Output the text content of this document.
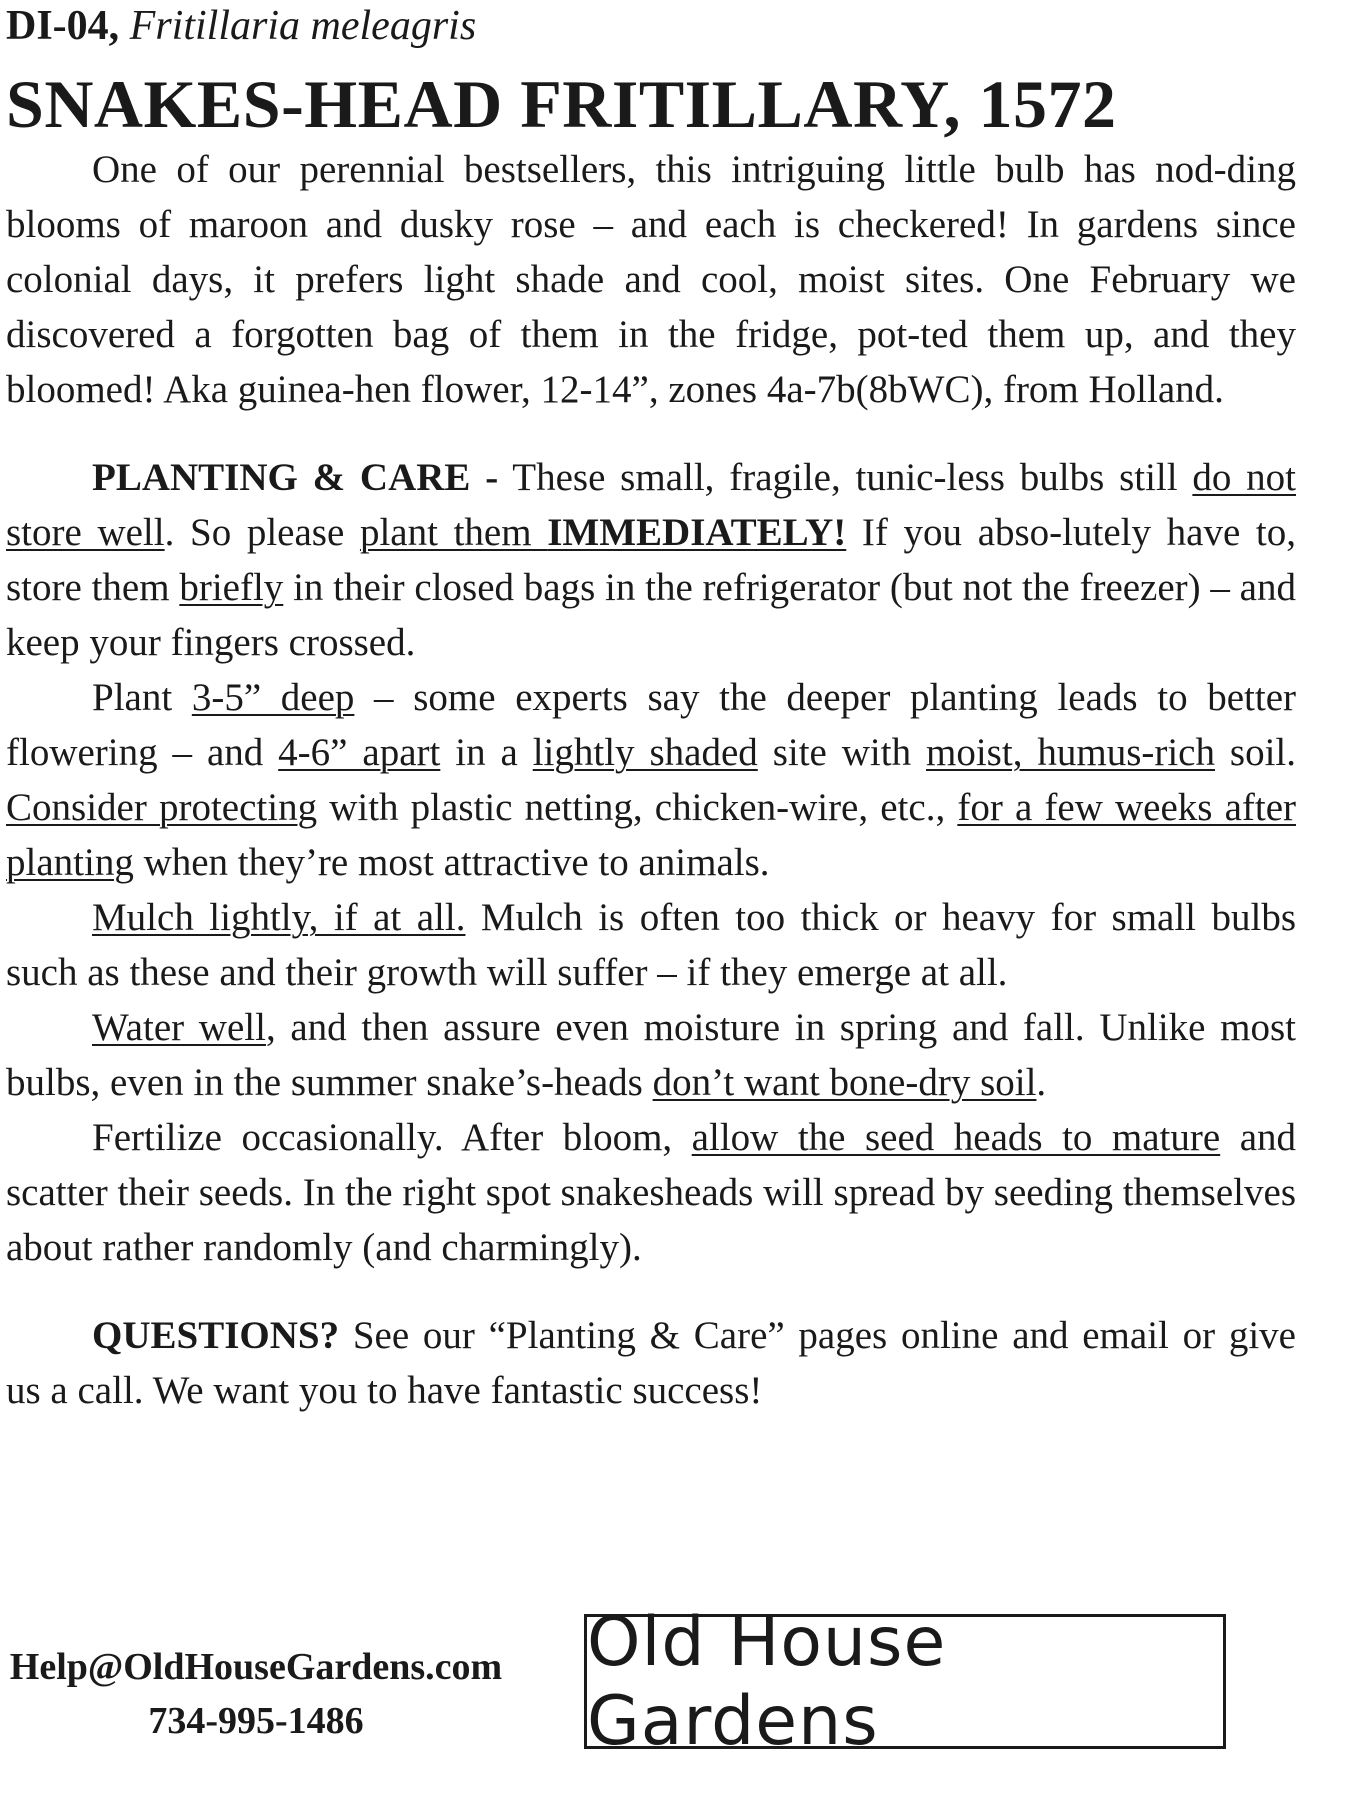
DI-04, Fritillaria meleagris
SNAKES-HEAD FRITILLARY, 1572

One of our perennial bestsellers, this intriguing little bulb has nod-ding blooms of maroon and dusky rose – and each is checkered! In gardens since colonial days, it prefers light shade and cool, moist sites. One February we discovered a forgotten bag of them in the fridge, pot-ted them up, and they bloomed! Aka guinea-hen flower, 12-14”, zones 4a-7b(8bWC), from Holland.

PLANTING & CARE - These small, fragile, tunic-less bulbs still do not store well. So please plant them IMMEDIATELY! If you abso-lutely have to, store them briefly in their closed bags in the refrigerator (but not the freezer) – and keep your fingers crossed.

Plant 3-5” deep – some experts say the deeper planting leads to better flowering – and 4-6” apart in a lightly shaded site with moist, humus-rich soil. Consider protecting with plastic netting, chicken-wire, etc., for a few weeks after planting when they’re most attractive to animals.

Mulch lightly, if at all. Mulch is often too thick or heavy for small bulbs such as these and their growth will suffer – if they emerge at all.

Water well, and then assure even moisture in spring and fall. Unlike most bulbs, even in the summer snake’s-heads don’t want bone-dry soil.

Fertilize occasionally. After bloom, allow the seed heads to mature and scatter their seeds. In the right spot snakesheads will spread by seeding themselves about rather randomly (and charmingly).

QUESTIONS? See our “Planting & Care” pages online and email or give us a call. We want you to have fantastic success!

Help@OldHouseGardens.com
734-995-1486
Old House Gardens
